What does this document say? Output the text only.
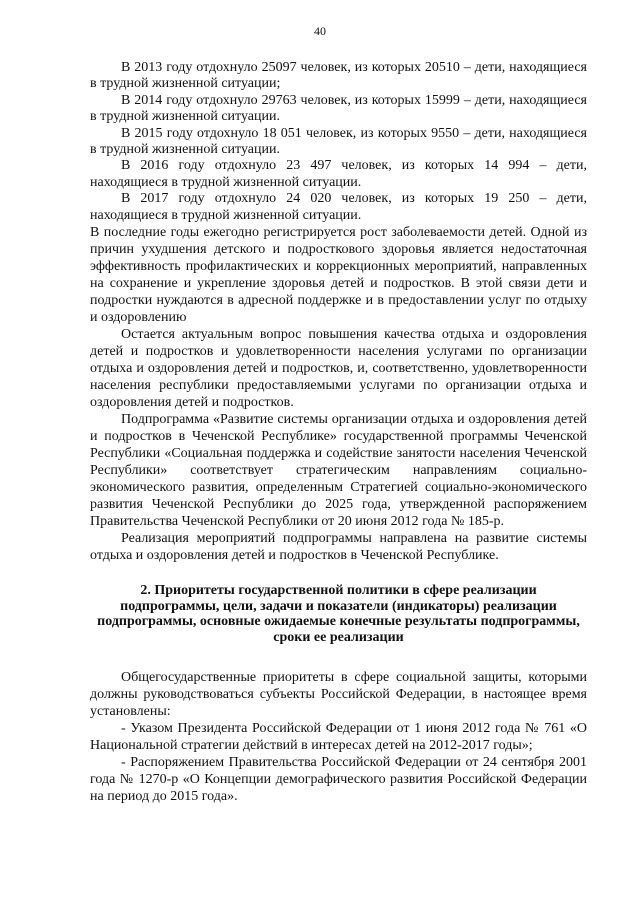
40

В 2013 году отдохнуло 25097 человек, из которых 20510 – дети, находящиеся в трудной жизненной ситуации;

В 2014 году отдохнуло 29763 человек, из которых 15999 – дети, находящиеся в трудной жизненной ситуации.

В 2015 году отдохнуло 18 051 человек, из которых 9550 – дети, находящиеся в трудной жизненной ситуации.

В 2016 году отдохнуло 23 497 человек, из которых 14 994 – дети, находящиеся в трудной жизненной ситуации.

В 2017 году отдохнуло 24 020 человек, из которых 19 250 – дети, находящиеся в трудной жизненной ситуации.

В последние годы ежегодно регистрируется рост заболеваемости детей. Одной из причин ухудшения детского и подросткового здоровья является недостаточная эффективность профилактических и коррекционных мероприятий, направленных на сохранение и укрепление здоровья детей и подростков. В этой связи дети и подростки нуждаются в адресной поддержке и в предоставлении услуг по отдыху и оздоровлению

Остается актуальным вопрос повышения качества отдыха и оздоровления детей и подростков и удовлетворенности населения услугами по организации отдыха и оздоровления детей и подростков, и, соответственно, удовлетворенности населения республики предоставляемыми услугами по организации отдыха и оздоровления детей и подростков.

Подпрограмма «Развитие системы организации отдыха и оздоровления детей и подростков в Чеченской Республике» государственной программы Чеченской Республики «Социальная поддержка и содействие занятости населения Чеченской Республики» соответствует стратегическим направлениям социально-экономического развития, определенным Стратегией социально-экономического развития Чеченской Республики до 2025 года, утвержденной распоряжением Правительства Чеченской Республики от 20 июня 2012 года № 185-р.

Реализация мероприятий подпрограммы направлена на развитие системы отдыха и оздоровления детей и подростков в Чеченской Республике.

2. Приоритеты государственной политики в сфере реализации подпрограммы, цели, задачи и показатели (индикаторы) реализации подпрограммы, основные ожидаемые конечные результаты подпрограммы, сроки ее реализации

Общегосударственные приоритеты в сфере социальной защиты, которыми должны руководствоваться субъекты Российской Федерации, в настоящее время установлены:

- Указом Президента Российской Федерации от 1 июня 2012 года № 761 «О Национальной стратегии действий в интересах детей на 2012-2017 годы»;

- Распоряжением Правительства Российской Федерации от 24 сентября 2001 года № 1270-р «О Концепции демографического развития Российской Федерации на период до 2015 года».
